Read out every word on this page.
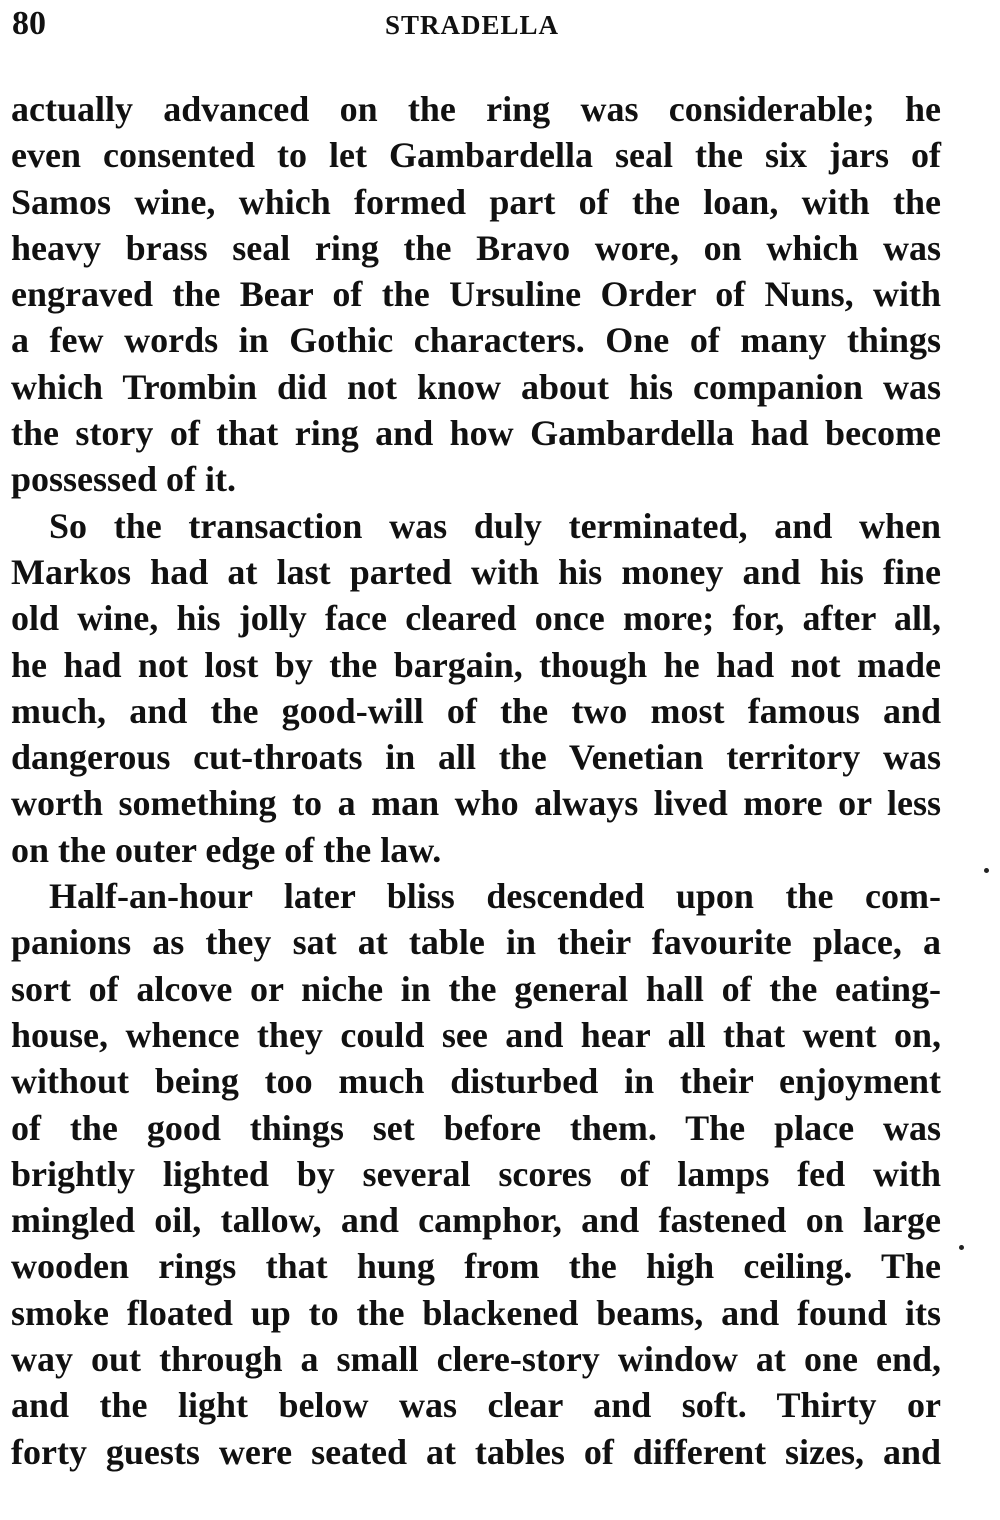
80	STRADELLA
actually advanced on the ring was considerable; he
even consented to let Gambardella seal the six jars of
Samos wine, which formed part of the loan, with the
heavy brass seal ring the Bravo wore, on which was
engraved the Bear of the Ursuline Order of Nuns, with
a few words in Gothic characters. One of many things
which Trombin did not know about his companion was
the story of that ring and how Gambardella had become
possessed of it.
So the transaction was duly terminated, and when
Markos had at last parted with his money and his fine
old wine, his jolly face cleared once more; for, after all,
he had not lost by the bargain, though he had not made
much, and the good-will of the two most famous and
dangerous cut-throats in all the Venetian territory was
worth something to a man who always lived more or less
on the outer edge of the law.
Half-an-hour later bliss descended upon the com-
panions as they sat at table in their favourite place, a
sort of alcove or niche in the general hall of the eating-
house, whence they could see and hear all that went on,
without being too much disturbed in their enjoyment
of the good things set before them. The place was
brightly lighted by several scores of lamps fed with
mingled oil, tallow, and camphor, and fastened on large
wooden rings that hung from the high ceiling. The
smoke floated up to the blackened beams, and found its
way out through a small clere-story window at one end,
and the light below was clear and soft. Thirty or
forty guests were seated at tables of different sizes, and
